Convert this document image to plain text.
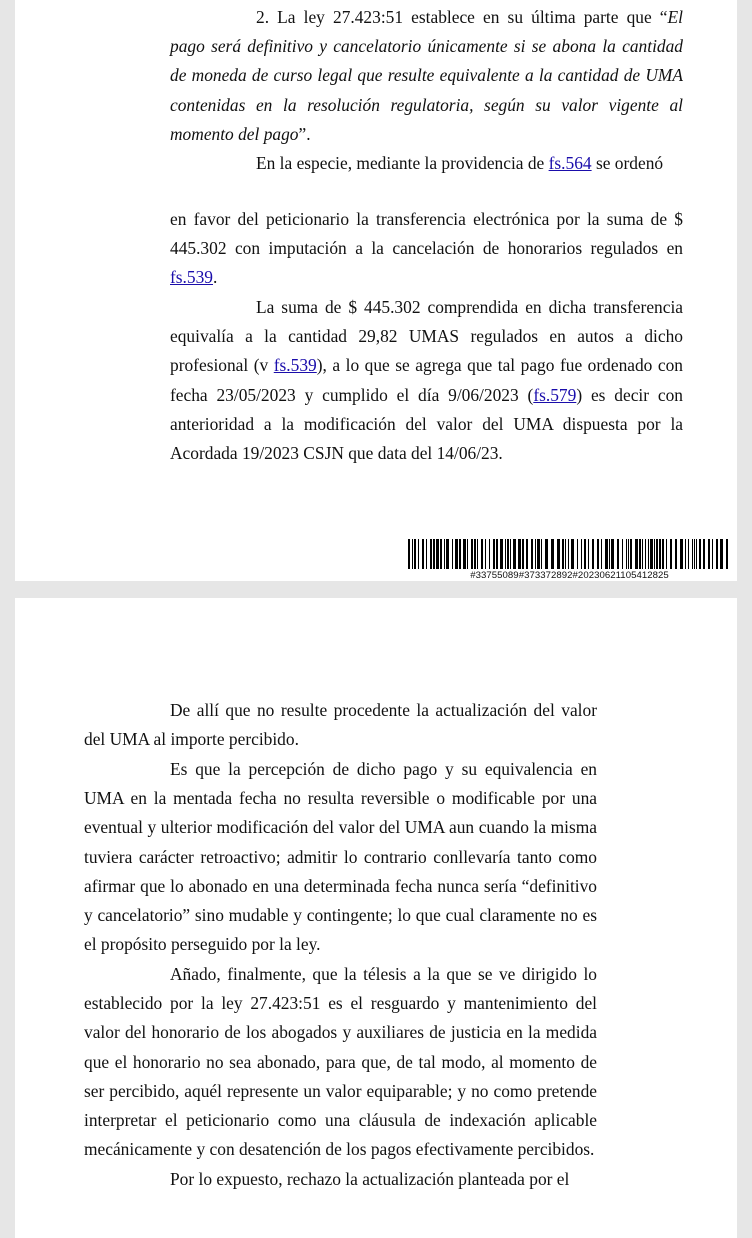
2. La ley 27.423:51 establece en su última parte que “El pago será definitivo y cancelatorio únicamente si se abona la cantidad de moneda de curso legal que resulte equivalente a la cantidad de UMA contenidas en la resolución regulatoria, según su valor vigente al momento del pago”.

En la especie, mediante la providencia de fs.564 se ordenó

en favor del peticionario la transferencia electrónica por la suma de $ 445.302 con imputación a la cancelación de honorarios regulados en fs.539.

La suma de $ 445.302 comprendida en dicha transferencia equivalía a la cantidad 29,82 UMAS regulados en autos a dicho profesional (v fs.539), a lo que se agrega que tal pago fue ordenado con fecha 23/05/2023 y cumplido el día 9/06/2023 (fs.579) es decir con anterioridad a la modificación del valor del UMA dispuesta por la Acordada 19/2023 CSJN que data del 14/06/23.

#33755089#373372892#20230621105412825

De allí que no resulte procedente la actualización del valor del UMA al importe percibido.

Es que la percepción de dicho pago y su equivalencia en UMA en la mentada fecha no resulta reversible o modificable por una eventual y ulterior modificación del valor del UMA aun cuando la misma tuviera carácter retroactivo; admitir lo contrario conllevaría tanto como afirmar que lo abonado en una determinada fecha nunca sería “definitivo y cancelatorio” sino mudable y contingente; lo que cual claramente no es el propósito perseguido por la ley.

Añado, finalmente, que la télesis a la que se ve dirigido lo establecido por la ley 27.423:51 es el resguardo y mantenimiento del valor del honorario de los abogados y auxiliares de justicia en la medida que el honorario no sea abonado, para que, de tal modo, al momento de ser percibido, aquél represente un valor equiparable; y no como pretende interpretar el peticionario como una cláusula de indexación aplicable mecánicamente y con desatención de los pagos efectivamente percibidos.

Por lo expuesto, rechazo la actualización planteada por el
